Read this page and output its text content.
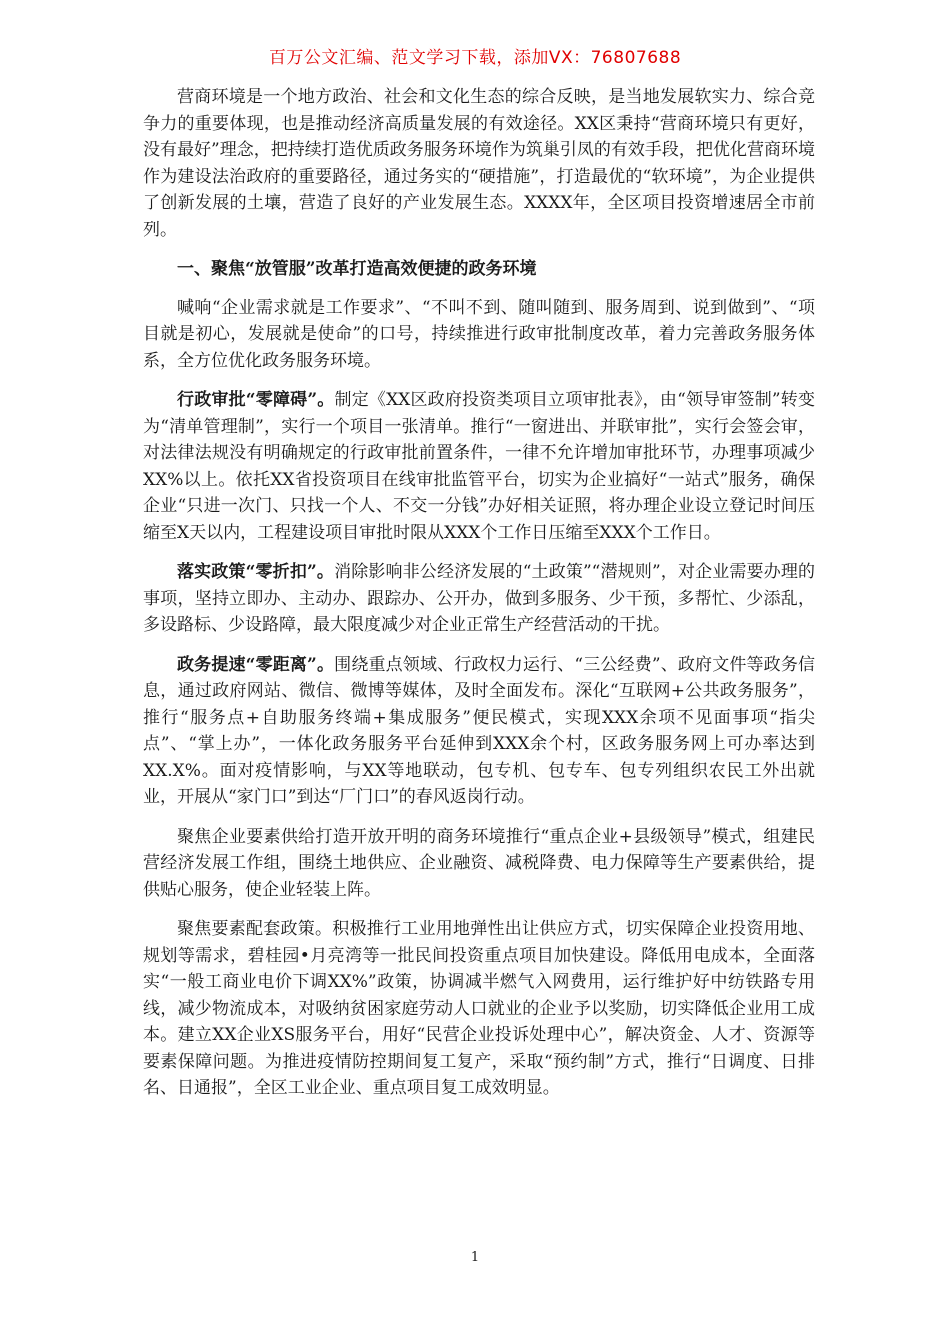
百万公文汇编、范文学习下载，添加VX：76807688

营商环境是一个地方政治、社会和文化生态的综合反映，是当地发展软实力、综合竞争力的重要体现，也是推动经济高质量发展的有效途径。XX区秉持“营商环境只有更好，没有最好”理念，把持续打造优质政务服务环境作为筑巢引凤的有效手段，把优化营商环境作为建设法治政府的重要路径，通过务实的“硬措施”，打造最优的“软环境”，为企业提供了创新发展的土壤，营造了良好的产业发展生态。XXXX年，全区项目投资增速居全市前列。

一、聚焦“放管服”改革打造高效便捷的政务环境

喊响“企业需求就是工作要求”、“不叫不到、随叫随到、服务周到、说到做到”、“项目就是初心，发展就是使命”的口号，持续推进行政审批制度改革，着力完善政务服务体系，全方位优化政务服务环境。

行政审批“零障碍”。制定《XX区政府投资类项目立项审批表》，由“领导审签制”转变为“清单管理制”，实行一个项目一张清单。推行“一窗进出、并联审批”，实行会签会审，对法律法规没有明确规定的行政审批前置条件，一律不允许增加审批环节，办理事项减少XX%以上。依托XX省投资项目在线审批监管平台，切实为企业搞好“一站式”服务，确保企业“只进一次门、只找一个人、不交一分钱”办好相关证照，将办理企业设立登记时间压缩至X天以内，工程建设项目审批时限从XXX个工作日压缩至XXX个工作日。

落实政策“零折扣”。消除影响非公经济发展的“土政策”“潜规则”，对企业需要办理的事项，坚持立即办、主动办、跟踪办、公开办，做到多服务、少干预，多帮忙、少添乱，多设路标、少设路障，最大限度减少对企业正常生产经营活动的干扰。

政务提速“零距离”。围绕重点领域、行政权力运行、“三公经费”、政府文件等政务信息，通过政府网站、微信、微博等媒体，及时全面发布。深化“互联网+公共政务服务”，推行“服务点+自助服务终端+集成服务”便民模式，实现XXX余项不见面事项“指尖点”、“掌上办”，一体化政务服务平台延伸到XXX余个村，区政务服务网上可办率达到XX.X%。面对疫情影响，与XX等地联动，包专机、包专车、包专列组织农民工外出就业，开展从“家门口”到达“厂门口”的春风返岗行动。

聚焦企业要素供给打造开放开明的商务环境推行“重点企业+县级领导”模式，组建民营经济发展工作组，围绕土地供应、企业融资、减税降费、电力保障等生产要素供给，提供贴心服务，使企业轻装上阵。

聚焦要素配套政策。积极推行工业用地弹性出让供应方式，切实保障企业投资用地、规划等需求，碧桂园•月亮湾等一批民间投资重点项目加快建设。降低用电成本，全面落实“一般工商业电价下调XX%”政策，协调减半燃气入网费用，运行维护好中纺铁路专用线，减少物流成本，对吸纳贫困家庭劳动人口就业的企业予以奖励，切实降低企业用工成本。建立XX企业XS服务平台，用好“民营企业投诉处理中心”，解决资金、人才、资源等要素保障问题。为推进疫情防控期间复工复产，采取“预约制”方式，推行“日调度、日排名、日通报”，全区工业企业、重点项目复工成效明显。

1
